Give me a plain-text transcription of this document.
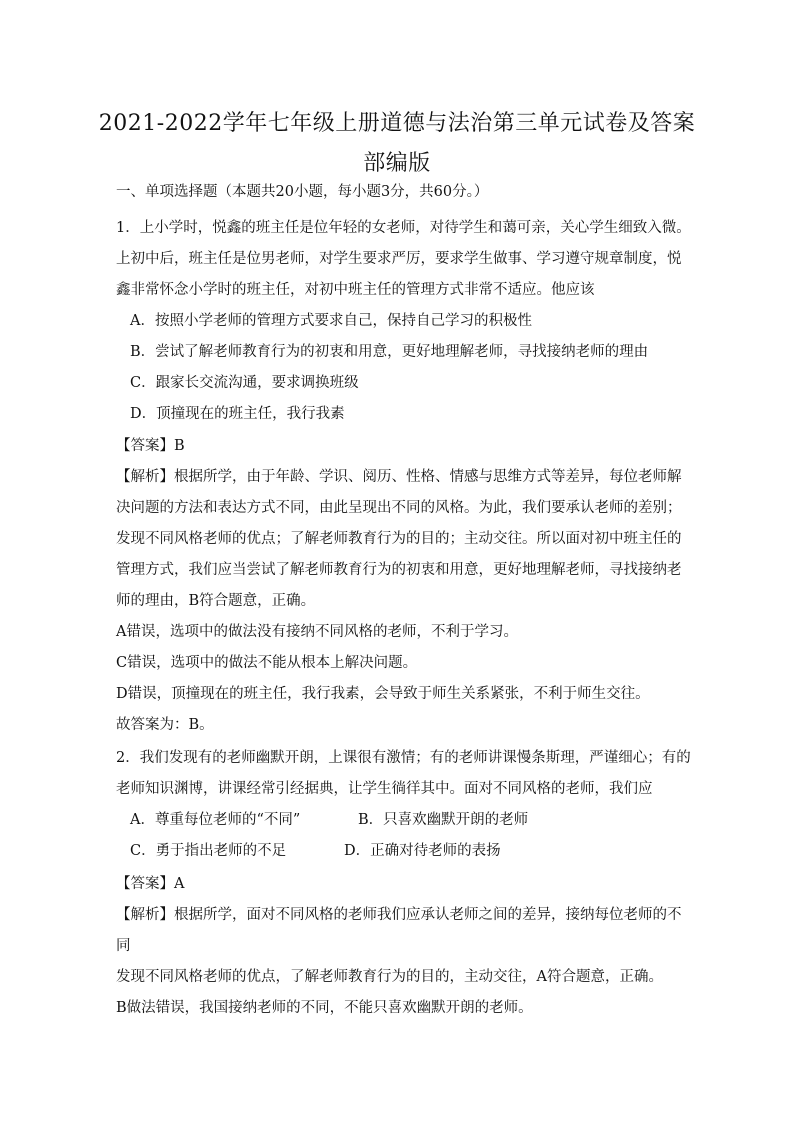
2021-2022学年七年级上册道德与法治第三单元试卷及答案
部编版
一、单项选择题（本题共20小题，每小题3分，共60分。）
1．上小学时，悦鑫的班主任是位年轻的女老师，对待学生和蔼可亲，关心学生细致入微。
上初中后，班主任是位男老师，对学生要求严厉，要求学生做事、学习遵守规章制度，悦
鑫非常怀念小学时的班主任，对初中班主任的管理方式非常不适应。他应该
A．按照小学老师的管理方式要求自己，保持自己学习的积极性
B．尝试了解老师教育行为的初衷和用意，更好地理解老师，寻找接纳老师的理由
C．跟家长交流沟通，要求调换班级
D．顶撞现在的班主任，我行我素
【答案】B
【解析】根据所学，由于年龄、学识、阅历、性格、情感与思维方式等差异，每位老师解
决问题的方法和表达方式不同，由此呈现出不同的风格。为此，我们要承认老师的差别；
发现不同风格老师的优点；了解老师教育行为的目的；主动交往。所以面对初中班主任的
管理方式，我们应当尝试了解老师教育行为的初衷和用意，更好地理解老师，寻找接纳老
师的理由，B符合题意，正确。
A错误，选项中的做法没有接纳不同风格的老师，不利于学习。
C错误，选项中的做法不能从根本上解决问题。
D错误，顶撞现在的班主任，我行我素，会导致于师生关系紧张，不利于师生交往。
故答案为：B。
2．我们发现有的老师幽默开朗，上课很有激情；有的老师讲课慢条斯理，严谨细心；有的
老师知识渊博，讲课经常引经据典，让学生徜徉其中。面对不同风格的老师，我们应
A．尊重每位老师的“不同”	B．只喜欢幽默开朗的老师
C．勇于指出老师的不足	D．正确对待老师的表扬
【答案】A
【解析】根据所学，面对不同风格的老师我们应承认老师之间的差异，接纳每位老师的不
同
发现不同风格老师的优点，了解老师教育行为的目的，主动交往，A符合题意，正确。
B做法错误，我国接纳老师的不同，不能只喜欢幽默开朗的老师。
